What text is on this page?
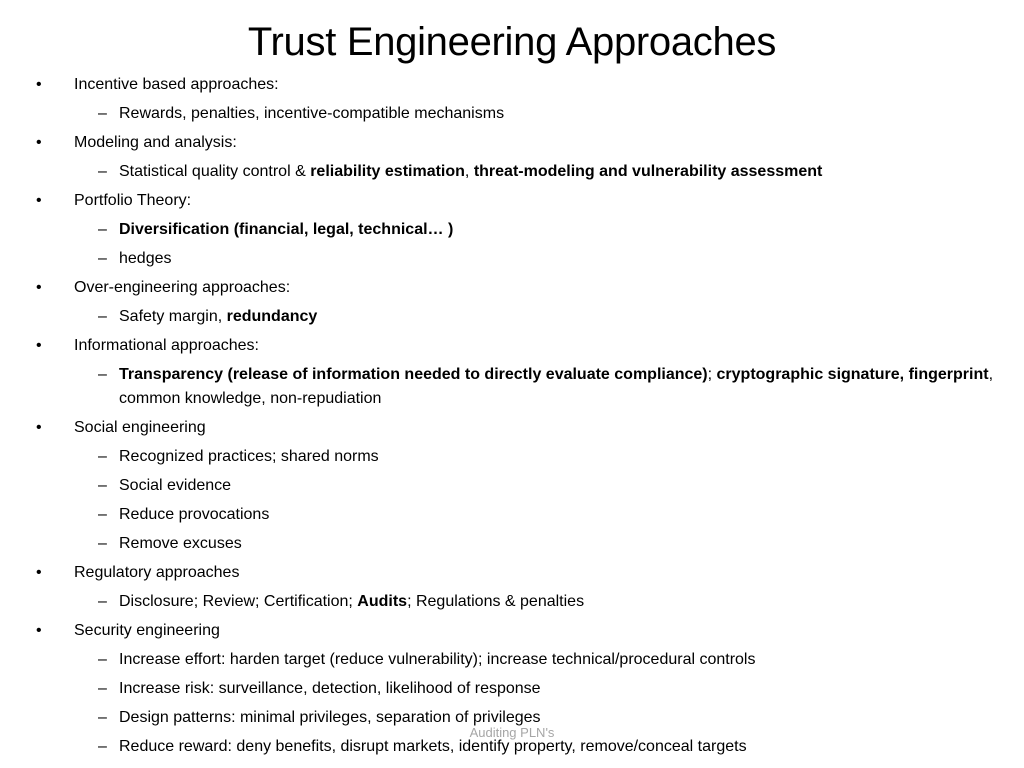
Trust Engineering Approaches
• Incentive based approaches:
– Rewards, penalties, incentive-compatible mechanisms
• Modeling and analysis:
– Statistical quality control & reliability estimation, threat-modeling and vulnerability assessment
• Portfolio Theory:
– Diversification (financial, legal, technical… )
– hedges
• Over-engineering approaches:
– Safety margin, redundancy
• Informational approaches:
– Transparency (release of information needed to directly evaluate compliance); cryptographic signature, fingerprint, common knowledge, non-repudiation
• Social engineering
– Recognized practices; shared norms
– Social evidence
– Reduce provocations
– Remove excuses
• Regulatory approaches
– Disclosure; Review; Certification; Audits; Regulations & penalties
• Security engineering
– Increase effort: harden target (reduce vulnerability); increase technical/procedural controls
– Increase risk: surveillance, detection, likelihood of response
– Design patterns: minimal privileges, separation of privileges
– Reduce reward: deny benefits, disrupt markets, identify property, remove/conceal targets
Auditing PLN's
